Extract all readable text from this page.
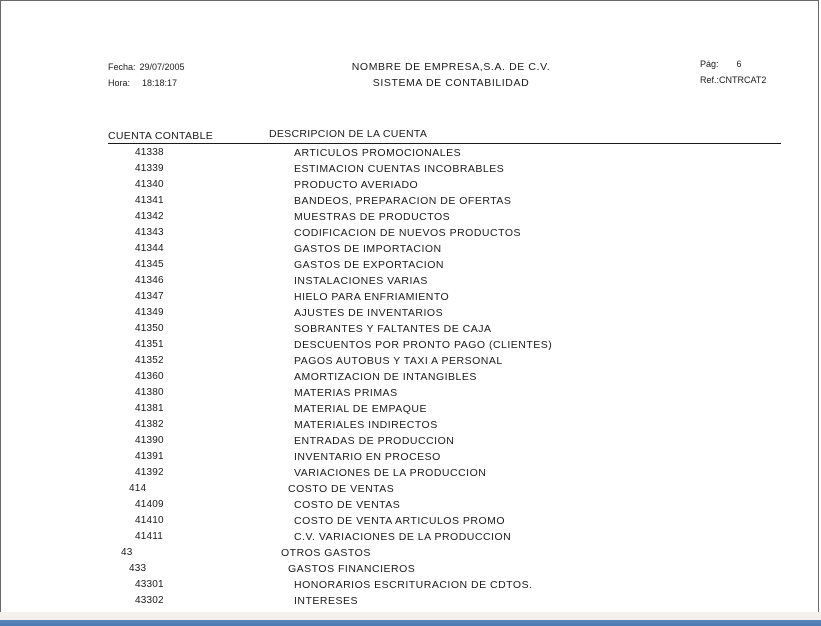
Fecha: 29/07/2005
Hora: 18:18:17
NOMBRE DE EMPRESA,S.A. DE C.V.
SISTEMA DE CONTABILIDAD
Pág: 6
Ref.:CNTRCAT2
CUENTA CONTABLE	DESCRIPCION DE LA CUENTA
41338	ARTICULOS PROMOCIONALES
41339	ESTIMACION CUENTAS INCOBRABLES
41340	PRODUCTO AVERIADO
41341	BANDEOS, PREPARACION DE OFERTAS
41342	MUESTRAS DE PRODUCTOS
41343	CODIFICACION DE NUEVOS PRODUCTOS
41344	GASTOS DE IMPORTACION
41345	GASTOS DE EXPORTACION
41346	INSTALACIONES VARIAS
41347	HIELO PARA ENFRIAMIENTO
41349	AJUSTES DE INVENTARIOS
41350	SOBRANTES Y FALTANTES DE CAJA
41351	DESCUENTOS POR PRONTO PAGO (CLIENTES)
41352	PAGOS AUTOBUS Y TAXI A PERSONAL
41360	AMORTIZACION DE INTANGIBLES
41380	MATERIAS PRIMAS
41381	MATERIAL DE EMPAQUE
41382	MATERIALES INDIRECTOS
41390	ENTRADAS DE PRODUCCION
41391	INVENTARIO EN PROCESO
41392	VARIACIONES DE LA PRODUCCION
414	COSTO DE VENTAS
41409	COSTO DE VENTAS
41410	COSTO DE VENTA ARTICULOS PROMO
41411	C.V. VARIACIONES DE LA PRODUCCION
43	OTROS GASTOS
433	GASTOS FINANCIEROS
43301	HONORARIOS ESCRITURACION DE CDTOS.
43302	INTERESES
